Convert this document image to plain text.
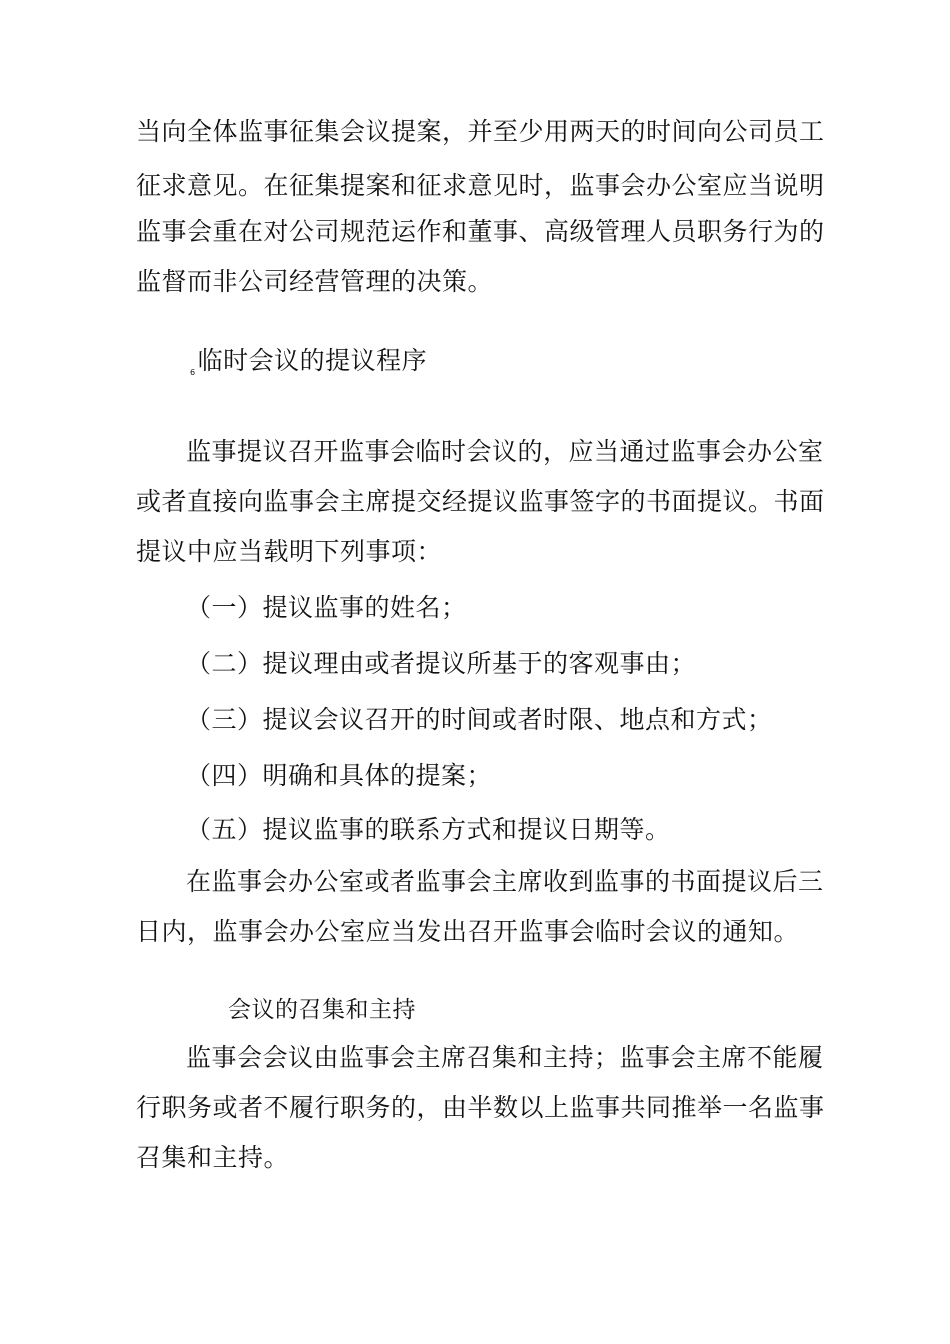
当向全体监事征集会议提案，并至少用两天的时间向公司员工
征求意见。在征集提案和征求意见时，监事会办公室应当说明
监事会重在对公司规范运作和董事、高级管理人员职务行为的
监督而非公司经营管理的决策。
$_6$临时会议的提议程序
监事提议召开监事会临时会议的，应当通过监事会办公室
或者直接向监事会主席提交经提议监事签字的书面提议。书面
提议中应当载明下列事项：
（一）提议监事的姓名；
（二）提议理由或者提议所基于的客观事由；
（三）提议会议召开的时间或者时限、地点和方式；
（四）明确和具体的提案；
（五）提议监事的联系方式和提议日期等。
在监事会办公室或者监事会主席收到监事的书面提议后三
日内，监事会办公室应当发出召开监事会临时会议的通知。
会议的召集和主持
监事会会议由监事会主席召集和主持；监事会主席不能履
行职务或者不履行职务的，由半数以上监事共同推举一名监事
召集和主持。
